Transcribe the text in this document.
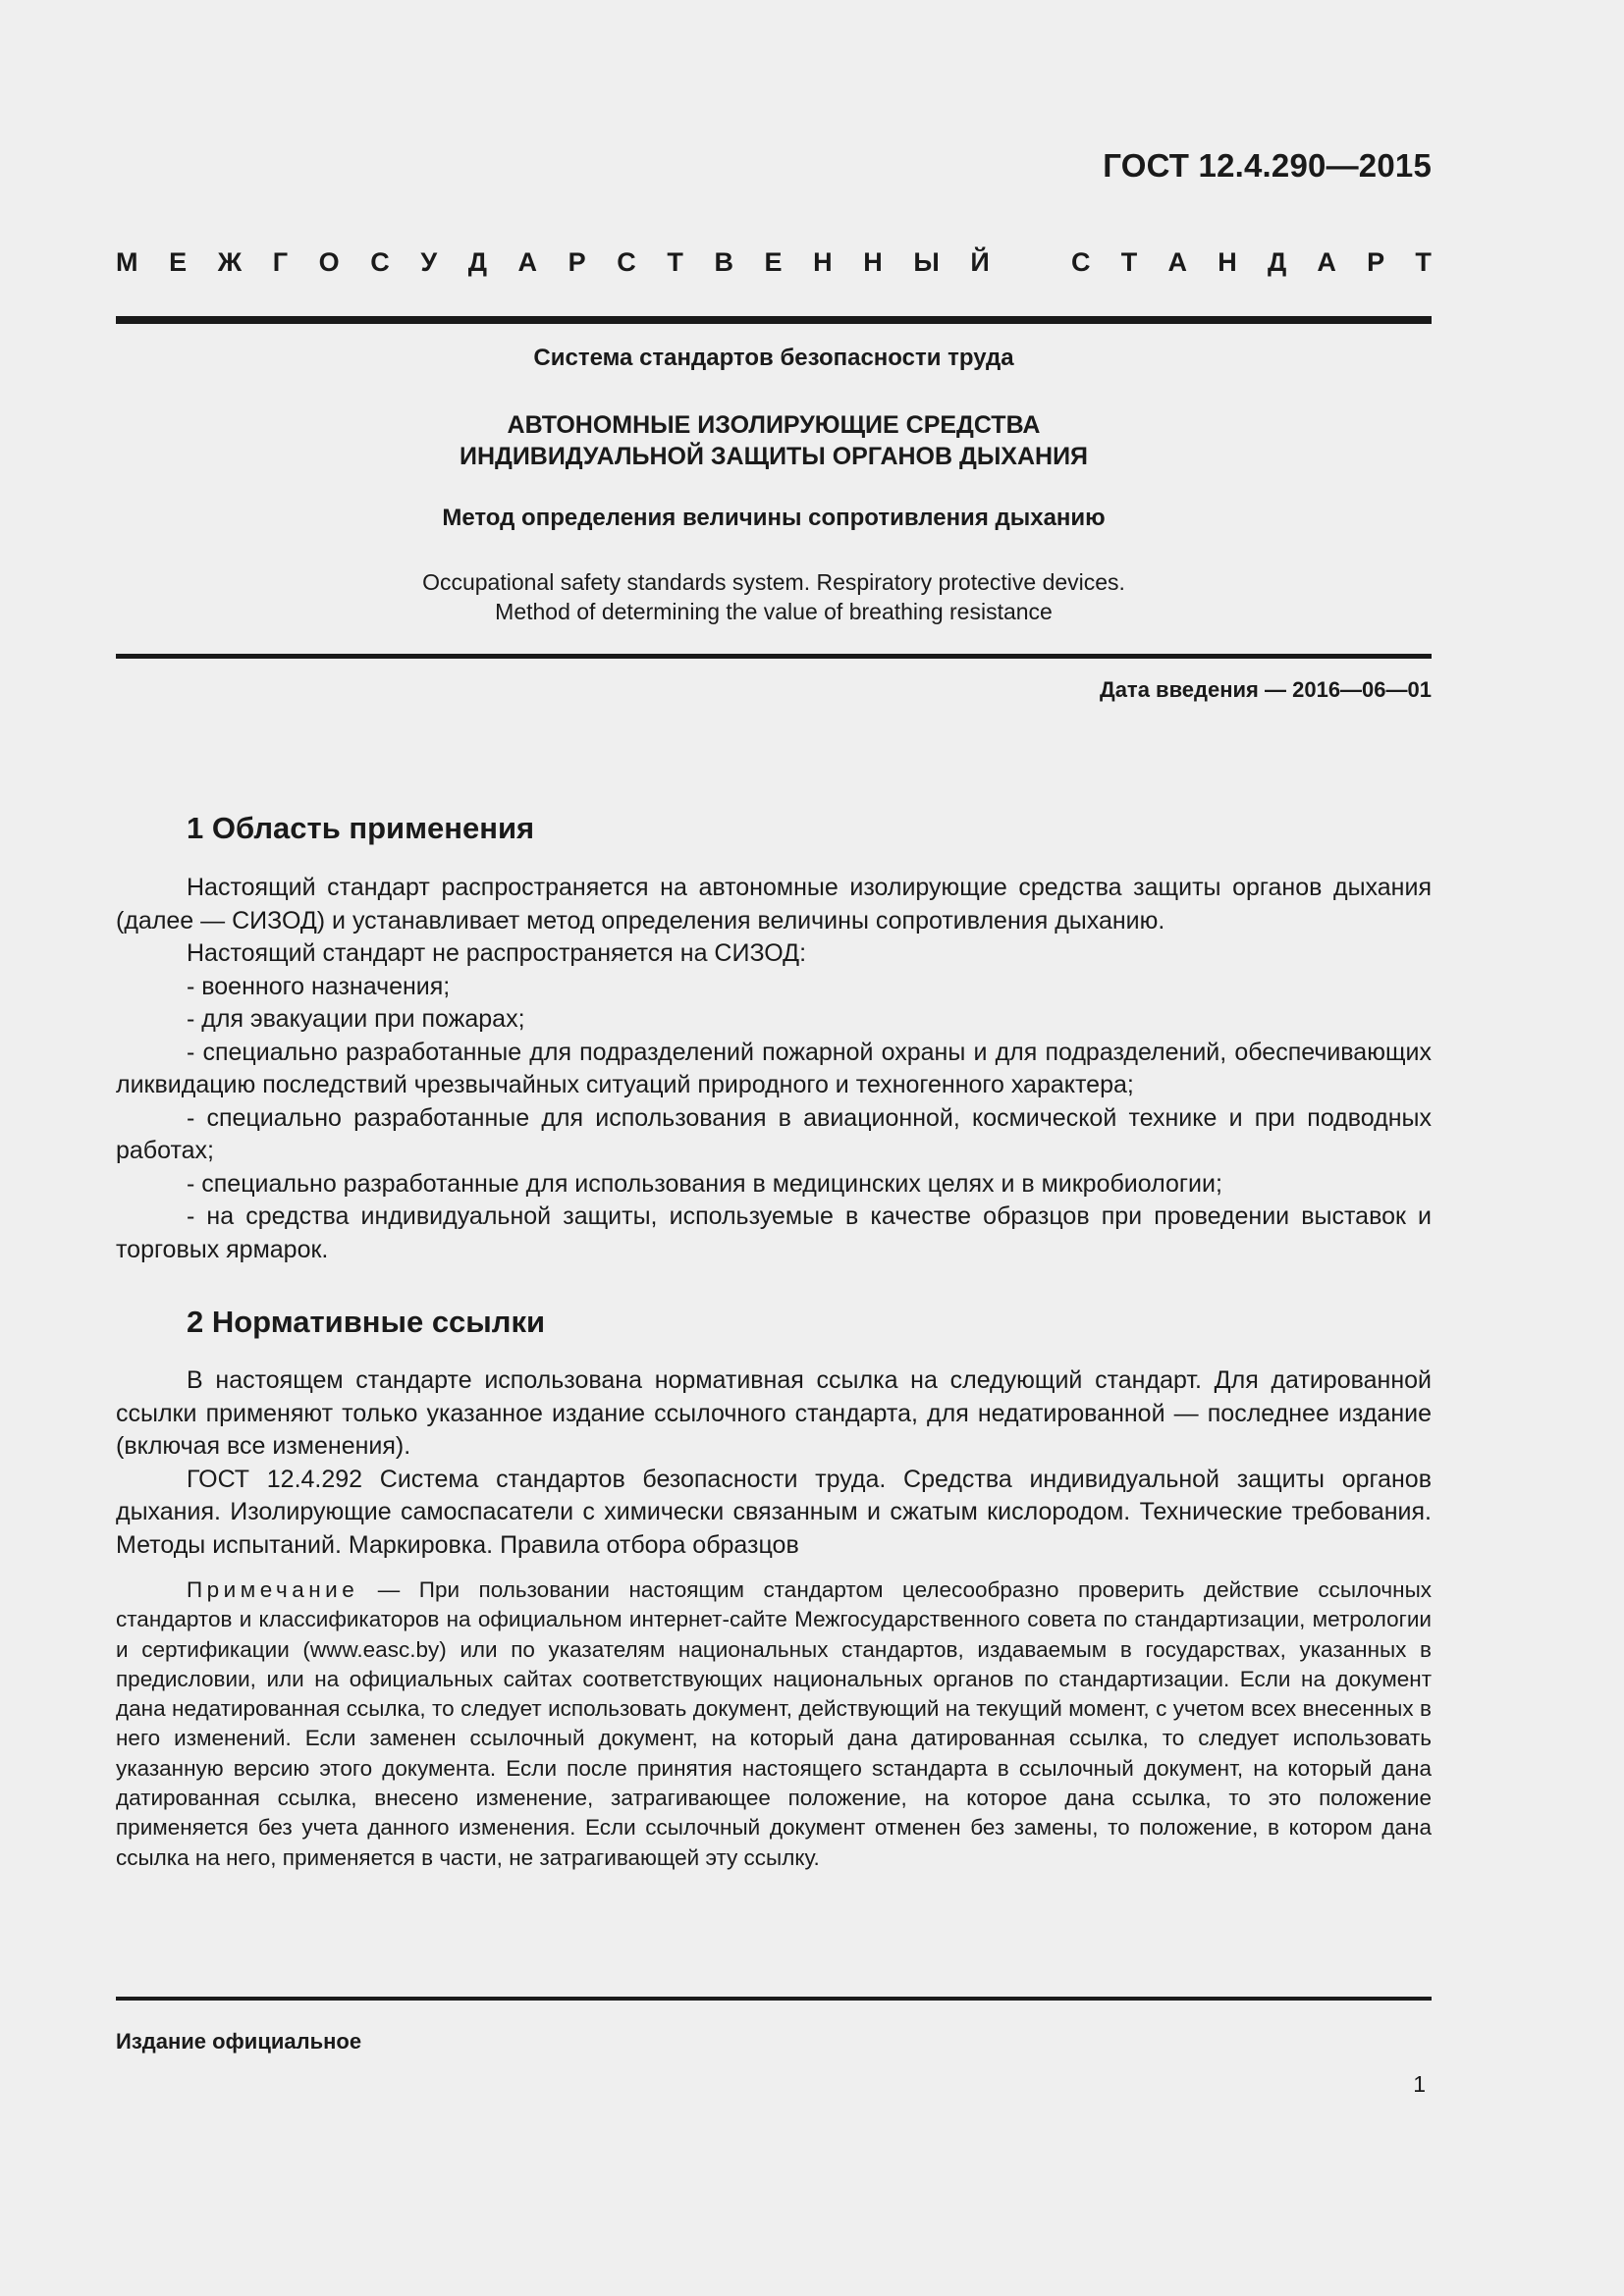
ГОСТ 12.4.290—2015
М Е Ж Г О С У Д А Р С Т В Е Н Н Ы Й	С Т А Н Д А Р Т
Система стандартов безопасности труда
АВТОНОМНЫЕ ИЗОЛИРУЮЩИЕ СРЕДСТВА
ИНДИВИДУАЛЬНОЙ ЗАЩИТЫ ОРГАНОВ ДЫХАНИЯ
Метод определения величины сопротивления дыханию
Occupational safety standards system. Respiratory protective devices.
Method of determining the value of breathing resistance
Дата введения — 2016—06—01
1 Область применения

Настоящий стандарт распространяется на автономные изолирующие средства защиты органов дыхания (далее — СИЗОД) и устанавливает метод определения величины сопротивления дыханию.

Настоящий стандарт не распространяется на СИЗОД:

- военного назначения;

- для эвакуации при пожарах;

- специально разработанные для подразделений пожарной охраны и для подразделений, обеспечивающих ликвидацию последствий чрезвычайных ситуаций природного и техногенного характера;

- специально разработанные для использования в авиационной, космической технике и при подводных работах;

- специально разработанные для использования в медицинских целях и в микробиологии;

- на средства индивидуальной защиты, используемые в качестве образцов при проведении выставок и торговых ярмарок.

2 Нормативные ссылки

В настоящем стандарте использована нормативная ссылка на следующий стандарт. Для датированной ссылки применяют только указанное издание ссылочного стандарта, для недатированной — последнее издание (включая все изменения).

ГОСТ 12.4.292 Система стандартов безопасности труда. Средства индивидуальной защиты органов дыхания. Изолирующие самоспасатели с химически связанным и сжатым кислородом. Технические требования. Методы испытаний. Маркировка. Правила отбора образцов

Примечание — При пользовании настоящим стандартом целесообразно проверить действие ссылочных стандартов и классификаторов на официальном интернет-сайте Межгосударственного совета по стандартизации, метрологии и сертификации (www.easc.by) или по указателям национальных стандартов, издаваемым в государствах, указанных в предисловии, или на официальных сайтах соответствующих национальных органов по стандартизации. Если на документ дана недатированная ссылка, то следует использовать документ, действующий на текущий момент, с учетом всех внесенных в него изменений. Если заменен ссылочный документ, на который дана датированная ссылка, то следует использовать указанную версию этого документа. Если после принятия настоящего sстандарта в ссылочный документ, на который дана датированная ссылка, внесено изменение, затрагивающее положение, на которое дана ссылка, то это положение применяется без учета данного изменения. Если ссылочный документ отменен без замены, то положение, в котором дана ссылка на него, применяется в части, не затрагивающей эту ссылку.

Издание официальное
1
